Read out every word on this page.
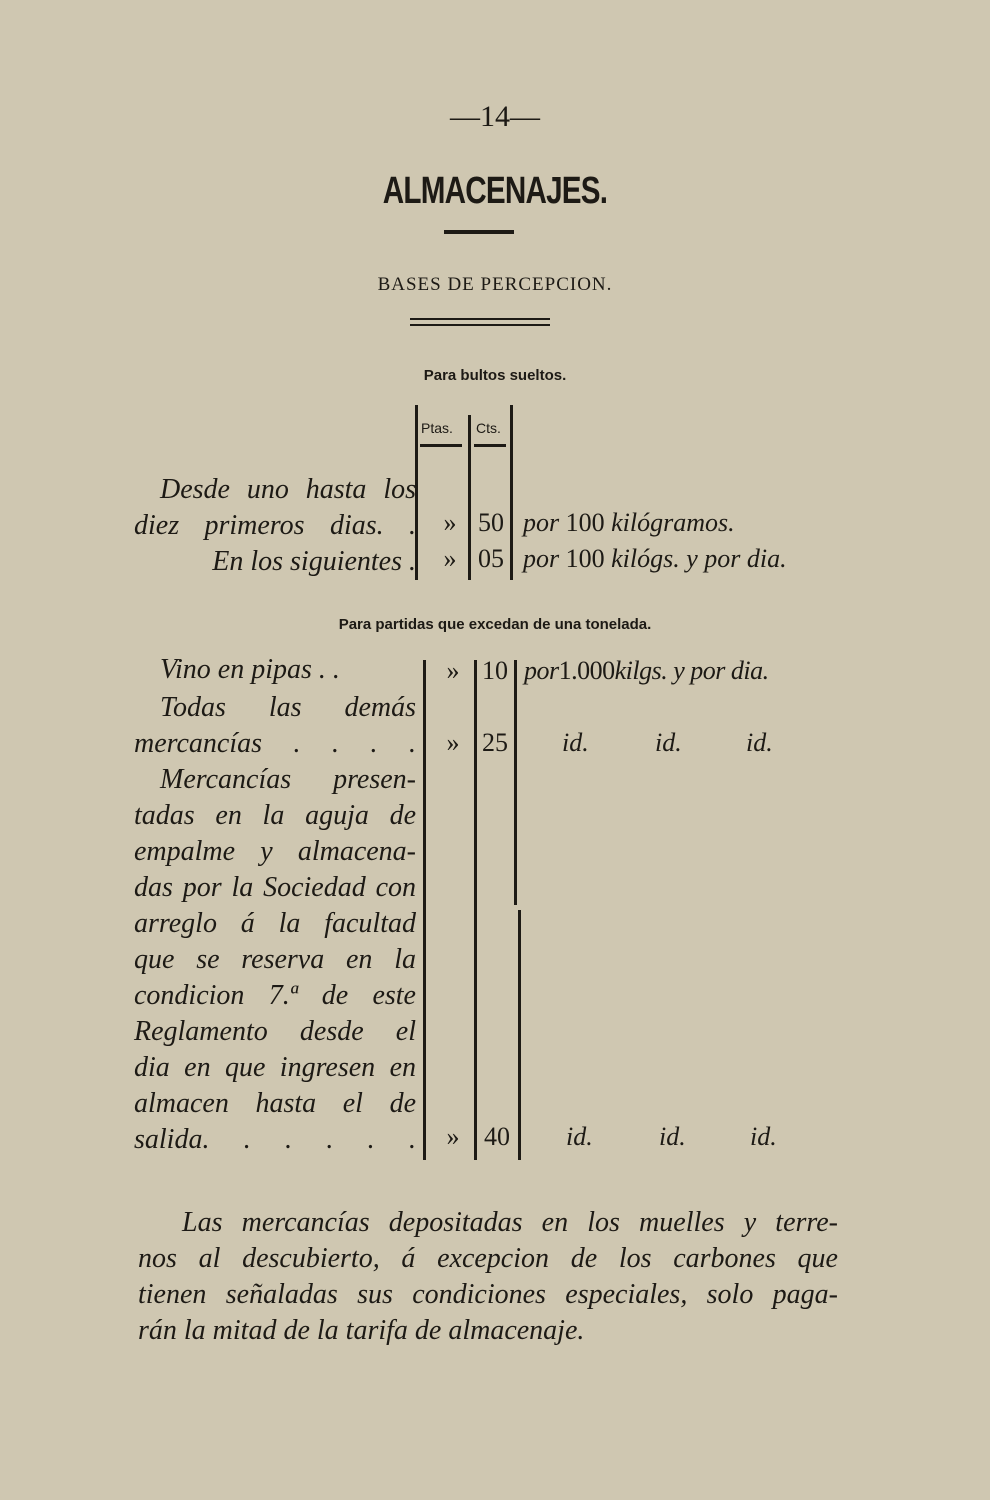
—14—
ALMACENAJES.
BASES DE PERCEPCION.
Para bultos sueltos.
Ptas. Cts.
Desde uno hasta los
diez primeros dias. .	» 50 por 100 kilógramos.
En los siguientes .	» 05 por 100 kilógs. y por dia.
Para partidas que excedan de una tonelada.
Vino en pipas . .	» 10 por1.000kilgs. y por dia.
Todas las demás
mercancías . . . .	» 25 id.	id. id.
Mercancías presen-
tadas en la aguja de
empalme y almacena-
das por la Sociedad con
arreglo á la facultad
que se reserva en la
condicion 7.ª de este
Reglamento desde el
dia en que ingresen en
almacen hasta el de
salida. . . . . .	» 40 id.	id. id.
Las mercancías depositadas en los muelles y terre-
nos al descubierto, á excepcion de los carbones que
tienen señaladas sus condiciones especiales, solo paga-
rán la mitad de la tarifa de almacenaje.
